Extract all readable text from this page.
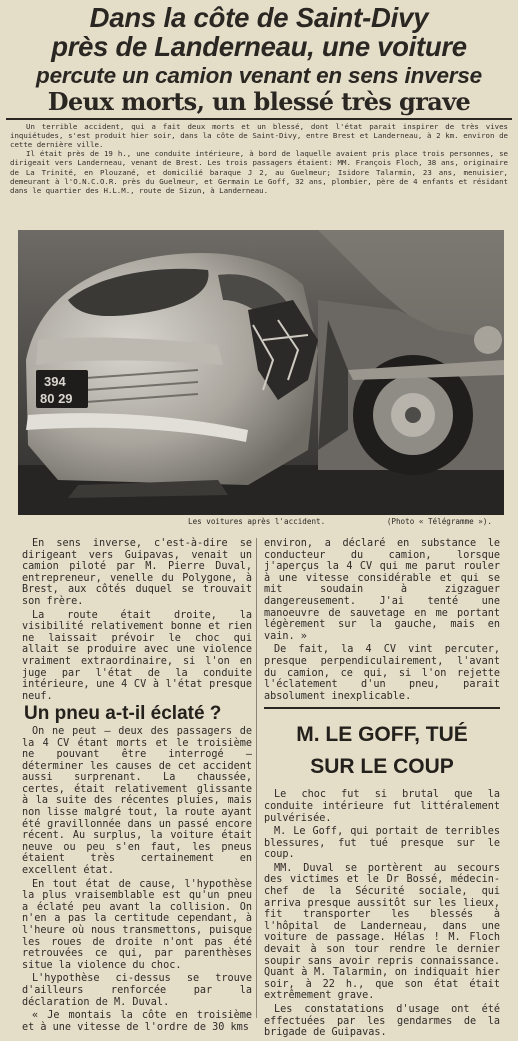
Dans la côte de Saint-Divy
près de Landerneau, une voiture
percute un camion venant en sens inverse
Deux morts, un blessé très grave

Un terrible accident, qui a fait deux morts et un blessé, dont l'état parait inspirer de très vives inquiétudes, s'est produit hier soir, dans la côte de Saint-Divy, entre Brest et Landerneau, à 2 km. environ de cette dernière ville.

Il était près de 19 h., une conduite intérieure, à bord de laquelle avaient pris place trois personnes, se dirigeait vers Landerneau, venant de Brest. Les trois passagers étaient: MM. François Floch, 38 ans, originaire de La Trinité, en Plouzané, et domicilié baraque J 2, au Guelmeur; Isidore Talarmin, 23 ans, menuisier, demeurant à l'O.N.C.O.R. près du Guelmeur, et Germain Le Goff, 32 ans, plombier, père de 4 enfants et résidant dans le quartier des H.L.M., route de Sizun, à Landerneau.

394
80 29
Les voitures après l'accident.	(Photo « Télégramme »).

En sens inverse, c'est-à-dire se dirigeant vers Guipavas, venait un camion piloté par M. Pierre Duval, entrepreneur, venelle du Polygone, à Brest, aux côtés duquel se trouvait son frère.

La route était droite, la visibilité relativement bonne et rien ne laissait prévoir le choc qui allait se produire avec une violence vraiment extraordinaire, si l'on en juge par l'état de la conduite intérieure, une 4 CV à l'état presque neuf.

Un pneu a-t-il éclaté ?

On ne peut — deux des passagers de la 4 CV étant morts et le troisième ne pouvant être interrogé — déterminer les causes de cet accident aussi surprenant. La chaussée, certes, était relativement glissante à la suite des récentes pluies, mais non lisse malgré tout, la route ayant été gravillonnée dans un passé encore récent. Au surplus, la voiture était neuve ou peu s'en faut, les pneus étaient très certainement en excellent état.

En tout état de cause, l'hypothèse la plus vraisemblable est qu'un pneu a éclaté peu avant la collision. On n'en a pas la certitude cependant, à l'heure où nous transmettons, puisque les roues de droite n'ont pas été retrouvées ce qui, par parenthèses situe la violence du choc.

L'hypothèse ci-dessus se trouve d'ailleurs renforcée par la déclaration de M. Duval.

« Je montais la côte en troisième et à une vitesse de l'ordre de 30 kms

environ, a déclaré en substance le conducteur du camion, lorsque j'aperçus la 4 CV qui me parut rouler à une vitesse considérable et qui se mit soudain à zigzaguer dangereusement. J'ai tenté une manoeuvre de sauvetage en me portant légèrement sur la gauche, mais en vain. »

De fait, la 4 CV vint percuter, presque perpendiculairement, l'avant du camion, ce qui, si l'on rejette l'éclatement d'un pneu, parait absolument inexplicable.

M. LE GOFF, TUÉ
SUR LE COUP

Le choc fut si brutal que la conduite intérieure fut littéralement pulvérisée.

M. Le Goff, qui portait de terribles blessures, fut tué presque sur le coup.

MM. Duval se portèrent au secours des victimes et le Dr Bossé, médecin-chef de la Sécurité sociale, qui arriva presque aussitôt sur les lieux, fit transporter les blessés à l'hôpital de Landerneau, dans une voiture de passage. Hélas ! M. Floch devait à son tour rendre le dernier soupir sans avoir repris connaissance. Quant à M. Talarmin, on indiquait hier soir, à 22 h., que son état était extrêmement grave.

Les constatations d'usage ont été effectuées par les gendarmes de la brigade de Guipavas.
